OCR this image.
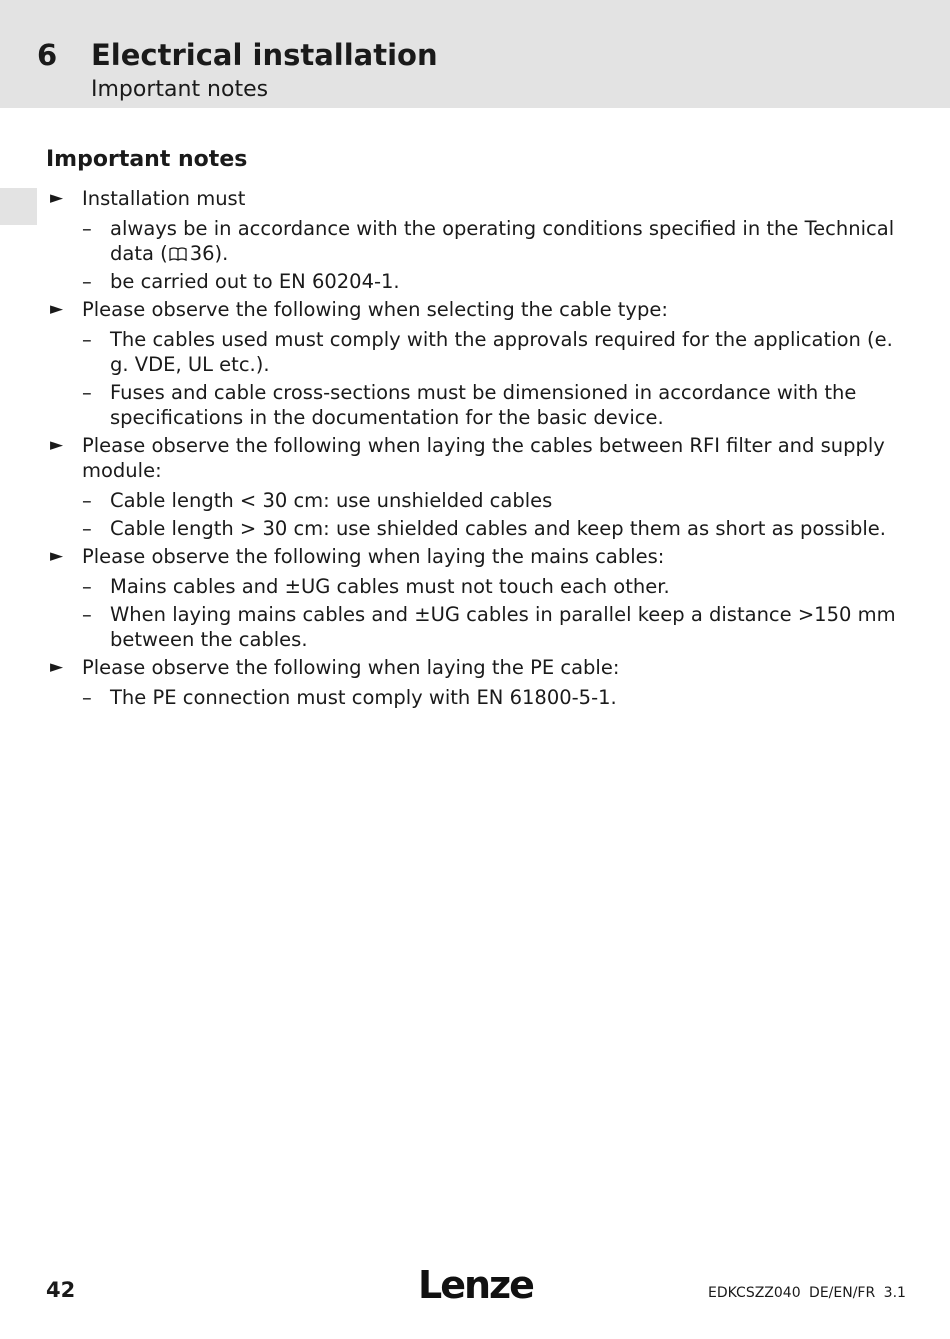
6 Electrical installation
Important notes
Important notes
► Installation must
– always be in accordance with the operating conditions specified in the Technical data ( 36).
– be carried out to EN 60204-1.
► Please observe the following when selecting the cable type:
– The cables used must comply with the approvals required for the application (e. g. VDE, UL etc.).
– Fuses and cable cross-sections must be dimensioned in accordance with the specifications in the documentation for the basic device.
► Please observe the following when laying the cables between RFI filter and supply module:
– Cable length < 30 cm: use unshielded cables
– Cable length > 30 cm: use shielded cables and keep them as short as possible.
► Please observe the following when laying the mains cables:
– Mains cables and ±UG cables must not touch each other.
– When laying mains cables and ±UG cables in parallel keep a distance >150 mm between the cables.
► Please observe the following when laying the PE cable:
– The PE connection must comply with EN 61800-5-1.
42	Lenze	EDKCSZZ040 DE/EN/FR 3.1
